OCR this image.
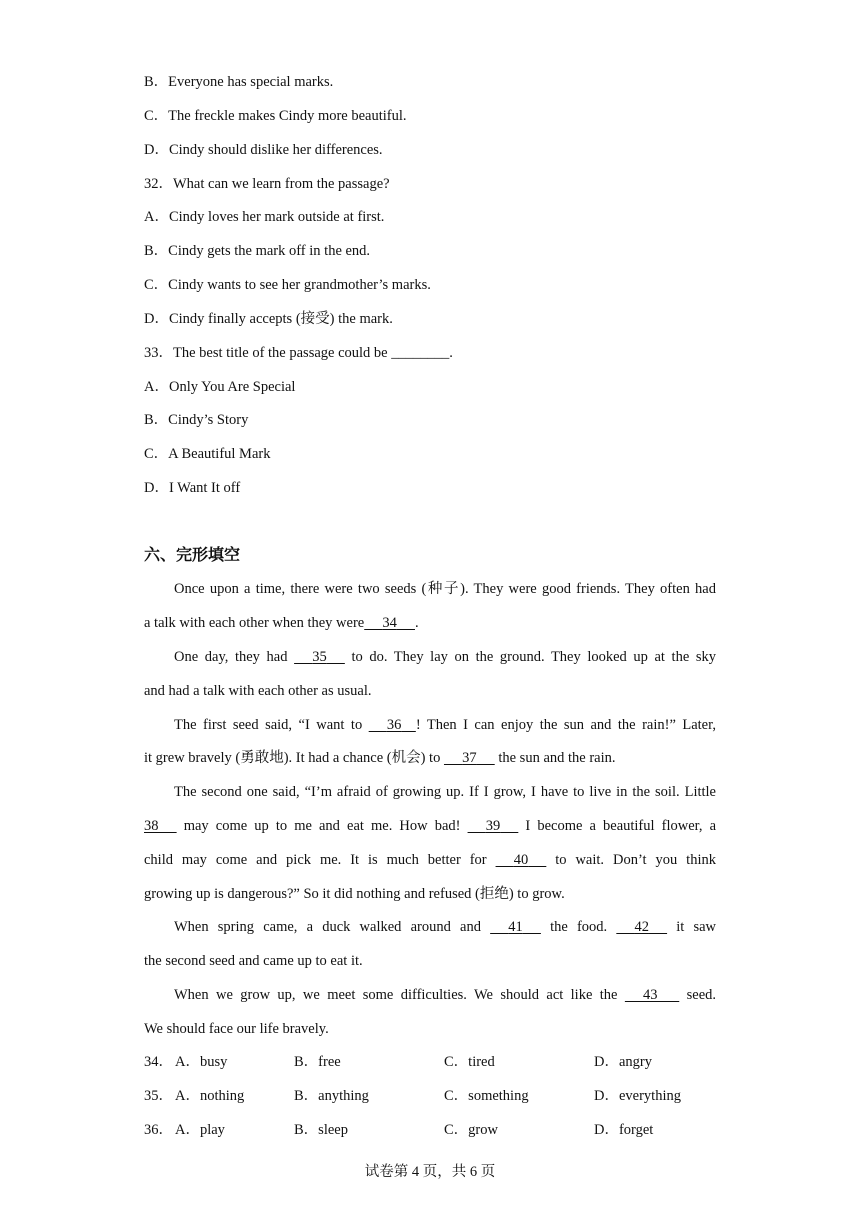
B．Everyone has special marks.
C．The freckle makes Cindy more beautiful.
D．Cindy should dislike her differences.
32．What can we learn from the passage?
A．Cindy loves her mark outside at first.
B．Cindy gets the mark off in the end.
C．Cindy wants to see her grandmother’s marks.
D．Cindy finally accepts (接受) the mark.
33．The best title of the passage could be ________.
A．Only You Are Special
B．Cindy’s Story
C．A Beautiful Mark
D．I Want It off
六、完形填空
Once upon a time, there were two seeds (种子). They were good friends. They often had
a talk with each other when they were 34 .
One day, they had 35 to do. They lay on the ground. They looked up at the sky
and had a talk with each other as usual.
The first seed said, “I want to 36 ! Then I can enjoy the sun and the rain!” Later,
it grew bravely (勇敢地). It had a chance (机会) to 37 the sun and the rain.
The second one said, “I’m afraid of growing up. If I grow, I have to live in the soil. Little
38 may come up to me and eat me. How bad! 39 I become a beautiful flower, a
child may come and pick me. It is much better for 40 to wait. Don’t you think
growing up is dangerous?” So it did nothing and refused (拒绝) to grow.
When spring came, a duck walked around and 41 the food. 42 it saw
the second seed and came up to eat it.
When we grow up, we meet some difficulties. We should act like the 43 seed.
We should face our life bravely.
34． A．busy	B．free	C．tired	D．angry
35． A．nothing	B．anything	C．something	D．everything
36． A．play	B．sleep	C．grow	D．forget
试卷第 4 页，共 6 页
